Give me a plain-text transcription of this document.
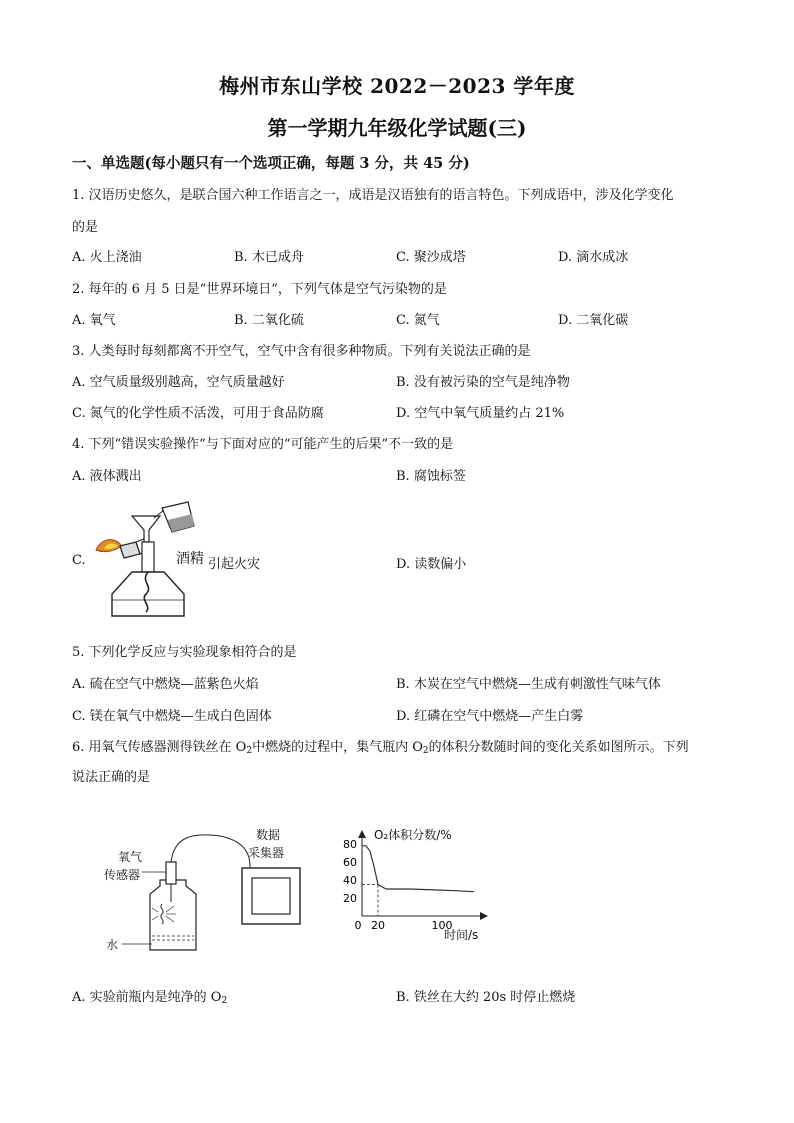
梅州市东山学校 2022－2023 学年度
第一学期九年级化学试题(三)
一、单选题(每小题只有一个选项正确，每题 3 分，共 45 分)
1. 汉语历史悠久，是联合国六种工作语言之一，成语是汉语独有的语言特色。下列成语中，涉及化学变化
的是
A. 火上浇油	B. 木已成舟	C. 聚沙成塔	D. 滴水成冰
2. 每年的 6 月 5 日是“世界环境日”，下列气体是空气污染物的是
A. 氧气	B. 二氧化硫	C. 氮气	D. 二氧化碳
3. 人类每时每刻都离不开空气，空气中含有很多种物质。下列有关说法正确的是
A. 空气质量级别越高，空气质量越好	B. 没有被污染的空气是纯净物
C. 氮气的化学性质不活泼，可用于食品防腐	D. 空气中氧气质量约占 21%
4. 下列“错误实验操作”与下面对应的“可能产生的后果”不一致的是
A. 液体溅出	B. 腐蚀标签
C.	D. 读数偏小
酒精 引起火灾
5. 下列化学反应与实验现象相符合的是
A. 硫在空气中燃烧—蓝紫色火焰	B. 木炭在空气中燃烧—生成有刺激性气味气体
C. 镁在氧气中燃烧—生成白色固体	D. 红磷在空气中燃烧—产生白雾
6. 用氧气传感器测得铁丝在 $O_2$中燃烧的过程中，集气瓶内 $O_2$的体积分数随时间的变化关系如图所示。下列
说法正确的是
氧气
传感器
水
数据
采集器
80
60
40
20
0 20	100
O₂体积分数/%
时间/s
A. 实验前瓶内是纯净的 $O_2$	B. 铁丝在大约 20s 时停止燃烧
